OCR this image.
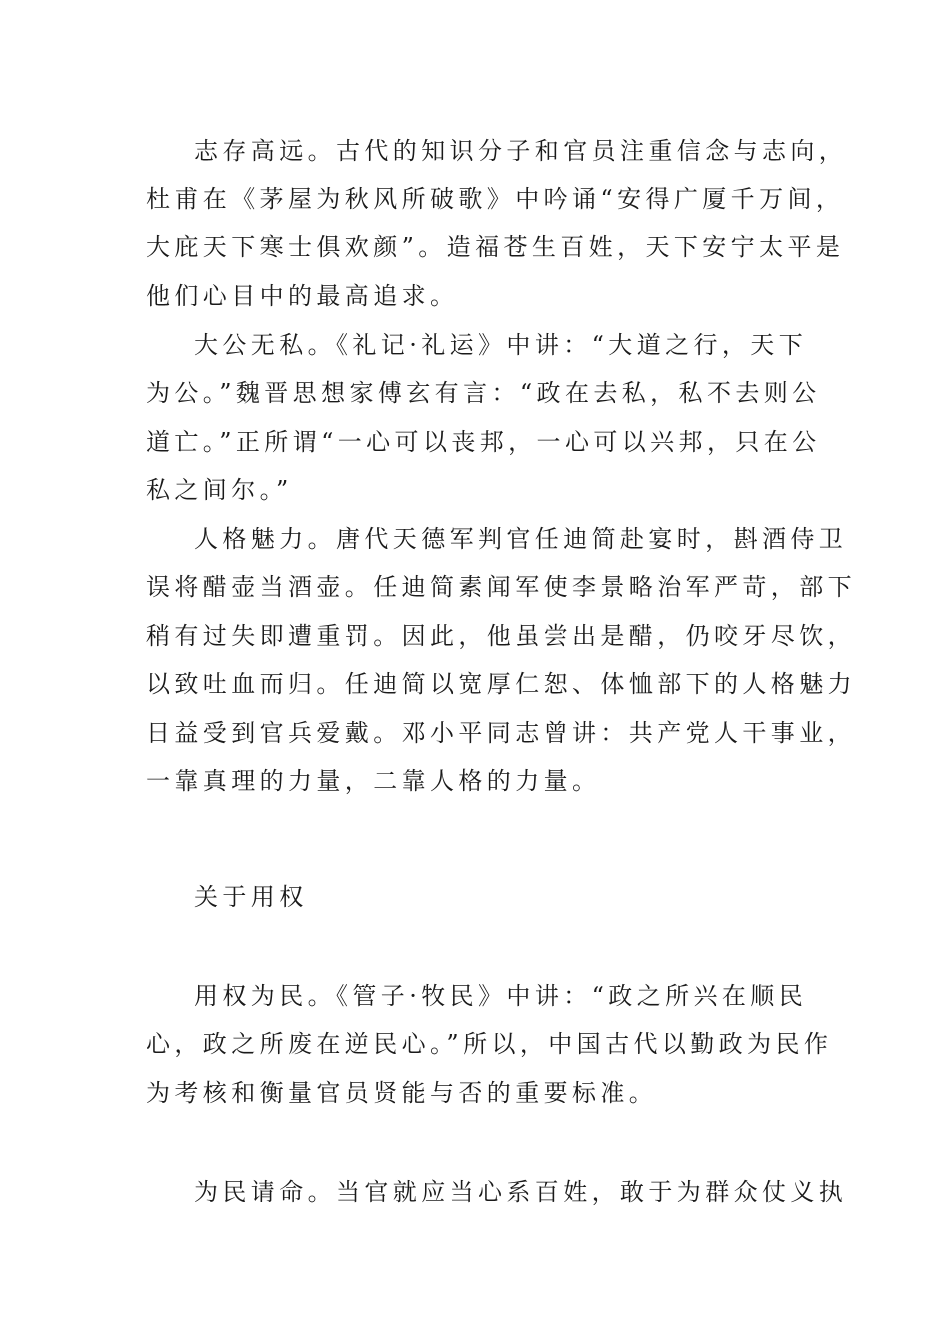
志存高远。古代的知识分子和官员注重信念与志向，
杜甫在《茅屋为秋风所破歌》中吟诵“安得广厦千万间，
大庇天下寒士俱欢颜”。造福苍生百姓，天下安宁太平是
他们心目中的最高追求。
大公无私。《礼记·礼运》中讲：“大道之行，天下
为公。”魏晋思想家傅玄有言：“政在去私，私不去则公
道亡。”正所谓“一心可以丧邦，一心可以兴邦，只在公
私之间尔。”
人格魅力。唐代天德军判官任迪简赴宴时，斟酒侍卫
误将醋壶当酒壶。任迪简素闻军使李景略治军严苛，部下
稍有过失即遭重罚。因此，他虽尝出是醋，仍咬牙尽饮，
以致吐血而归。任迪简以宽厚仁恕、体恤部下的人格魅力
日益受到官兵爱戴。邓小平同志曾讲：共产党人干事业，
一靠真理的力量，二靠人格的力量。
关于用权
用权为民。《管子·牧民》中讲：“政之所兴在顺民
心，政之所废在逆民心。”所以，中国古代以勤政为民作
为考核和衡量官员贤能与否的重要标准。
为民请命。当官就应当心系百姓，敢于为群众仗义执
